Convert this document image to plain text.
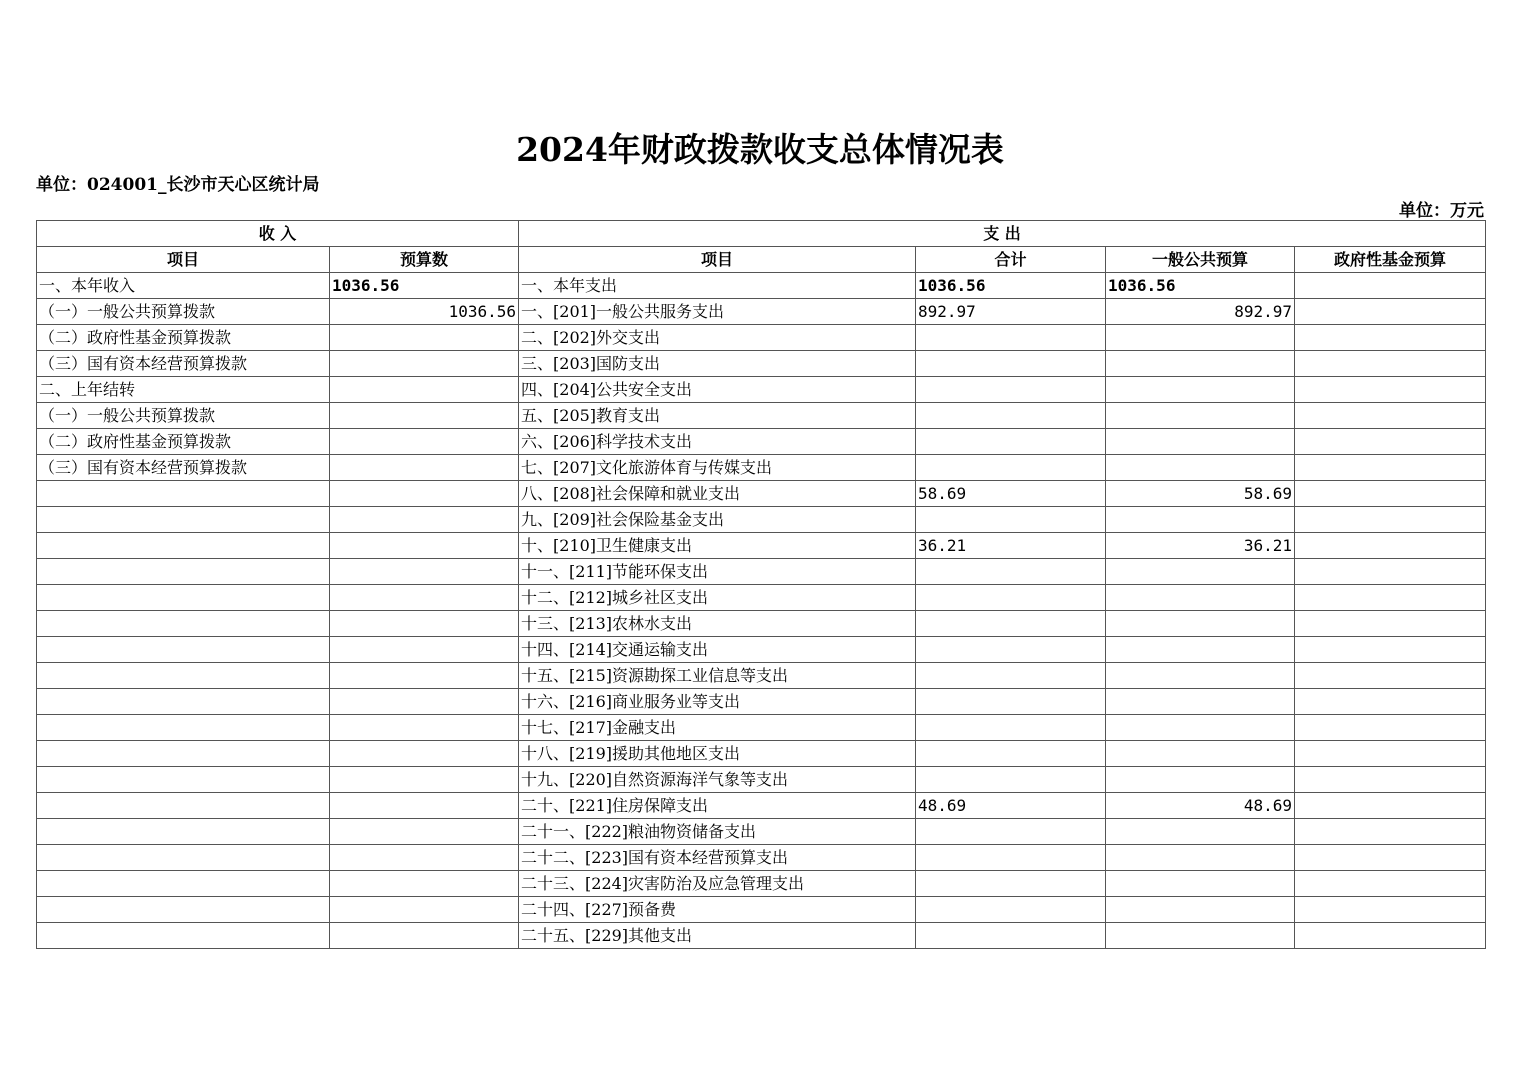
2024年财政拨款收支总体情况表
单位：024001_长沙市天心区统计局
单位：万元
收 入		支 出			
项目	预算数	项目	合计	一般公共预算	政府性基金预算
一、本年收入	1036.56	一、本年支出	1036.56	1036.56	
（一）一般公共预算拨款	1036.56	一、[201]一般公共服务支出	892.97	892.97	
（二）政府性基金预算拨款		二、[202]外交支出			
（三）国有资本经营预算拨款		三、[203]国防支出			
二、上年结转		四、[204]公共安全支出			
（一）一般公共预算拨款		五、[205]教育支出			
（二）政府性基金预算拨款		六、[206]科学技术支出			
（三）国有资本经营预算拨款		七、[207]文化旅游体育与传媒支出			
		八、[208]社会保障和就业支出	58.69	58.69	
		九、[209]社会保险基金支出			
		十、[210]卫生健康支出	36.21	36.21	
		十一、[211]节能环保支出			
		十二、[212]城乡社区支出			
		十三、[213]农林水支出			
		十四、[214]交通运输支出			
		十五、[215]资源勘探工业信息等支出			
		十六、[216]商业服务业等支出			
		十七、[217]金融支出			
		十八、[219]援助其他地区支出			
		十九、[220]自然资源海洋气象等支出			
		二十、[221]住房保障支出	48.69	48.69	
		二十一、[222]粮油物资储备支出			
		二十二、[223]国有资本经营预算支出			
		二十三、[224]灾害防治及应急管理支出			
		二十四、[227]预备费			
		二十五、[229]其他支出			
